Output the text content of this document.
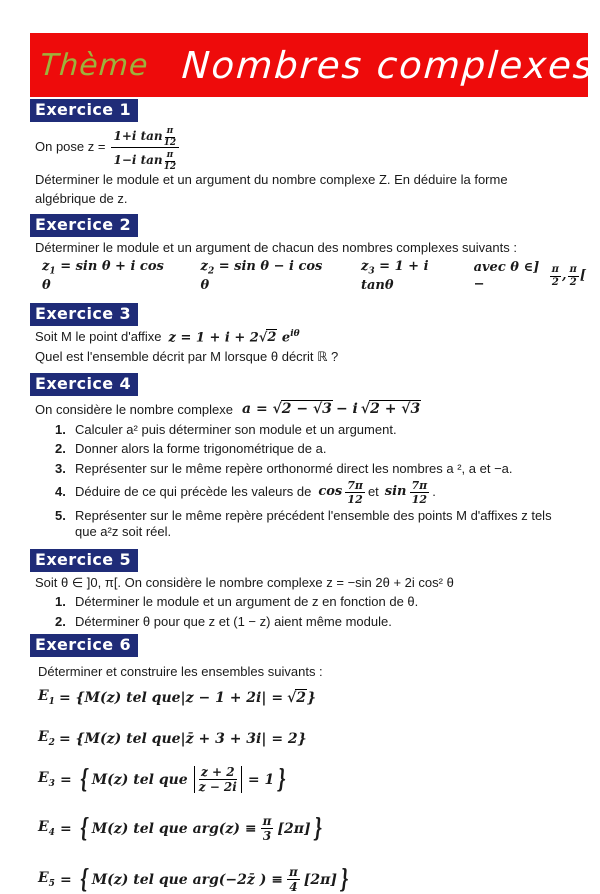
Thème Nombres complexes
Exercice 1
On pose $z = \frac{1+i \tan \frac{\pi}{12}}{1-i \tan \frac{\pi}{12}}$
Déterminer le module et un argument du nombre complexe Z. En déduire la forme
algébrique de z.
Exercice 2
Déterminer le module et un argument de chacun des nombres complexes suivants :
$z_1 = \sin \theta + i$ cos θ
$z_2 = \sin \theta - i$ cos θ
$z_3 = 1 + i$ tanθ
avec θ ∈] −	$\frac{\pi}{2}$ , $\frac{\pi}{2}$ [
Exercice 3
Soit M le point d'affixe z = 1 + i + 2√2 $e^{i\theta}$
Quel est l'ensemble décrit par M lorsque θ décrit ℝ ?
Exercice 4
On considère le nombre complexe a =
√2 − √3 − i √2 + √3
1. Calculer a² puis déterminer son module et un argument.
2. Donner alors la forme trigonométrique de a.
3. Représenter sur le même repère orthonormé direct les nombres a ², a et −a.
4. Déduire de ce qui précède les valeurs de $\cos \frac{7\pi}{12}$ et $\sin \frac{7\pi}{12}$ .
5. Représenter sur le même repère précédent l'ensemble des points M d'affixes z tels
que a²z soit réel.
Exercice 5
Soit θ ∈ ]0, π[. On considère le nombre complexe z = −sin 2θ + 2i cos² θ
1. Déterminer le module et un argument de z en fonction de θ.
2. Déterminer θ pour que z et (1 − z) aient même module.
Exercice 6
Déterminer et construire les ensembles suivants :
$E_1 = \{M(z)$ tel que|z − 1 + 2i| = √2 }
$E_2 = \{M(z)$ tel que|z̄ + 3 + 3i| = 2}
$E_3$ = { M(z) tel que $\frac{z + 2}{z - 2i} = 1$ }
$E_4$ = { M(z) tel que $arg(z) \equiv \frac{\pi}{3} [2\pi]$ }
$E_5$ = { M(z) tel que arg(−2z̄ ) ≡ $\frac{\pi}{4} [2\pi]$ }
